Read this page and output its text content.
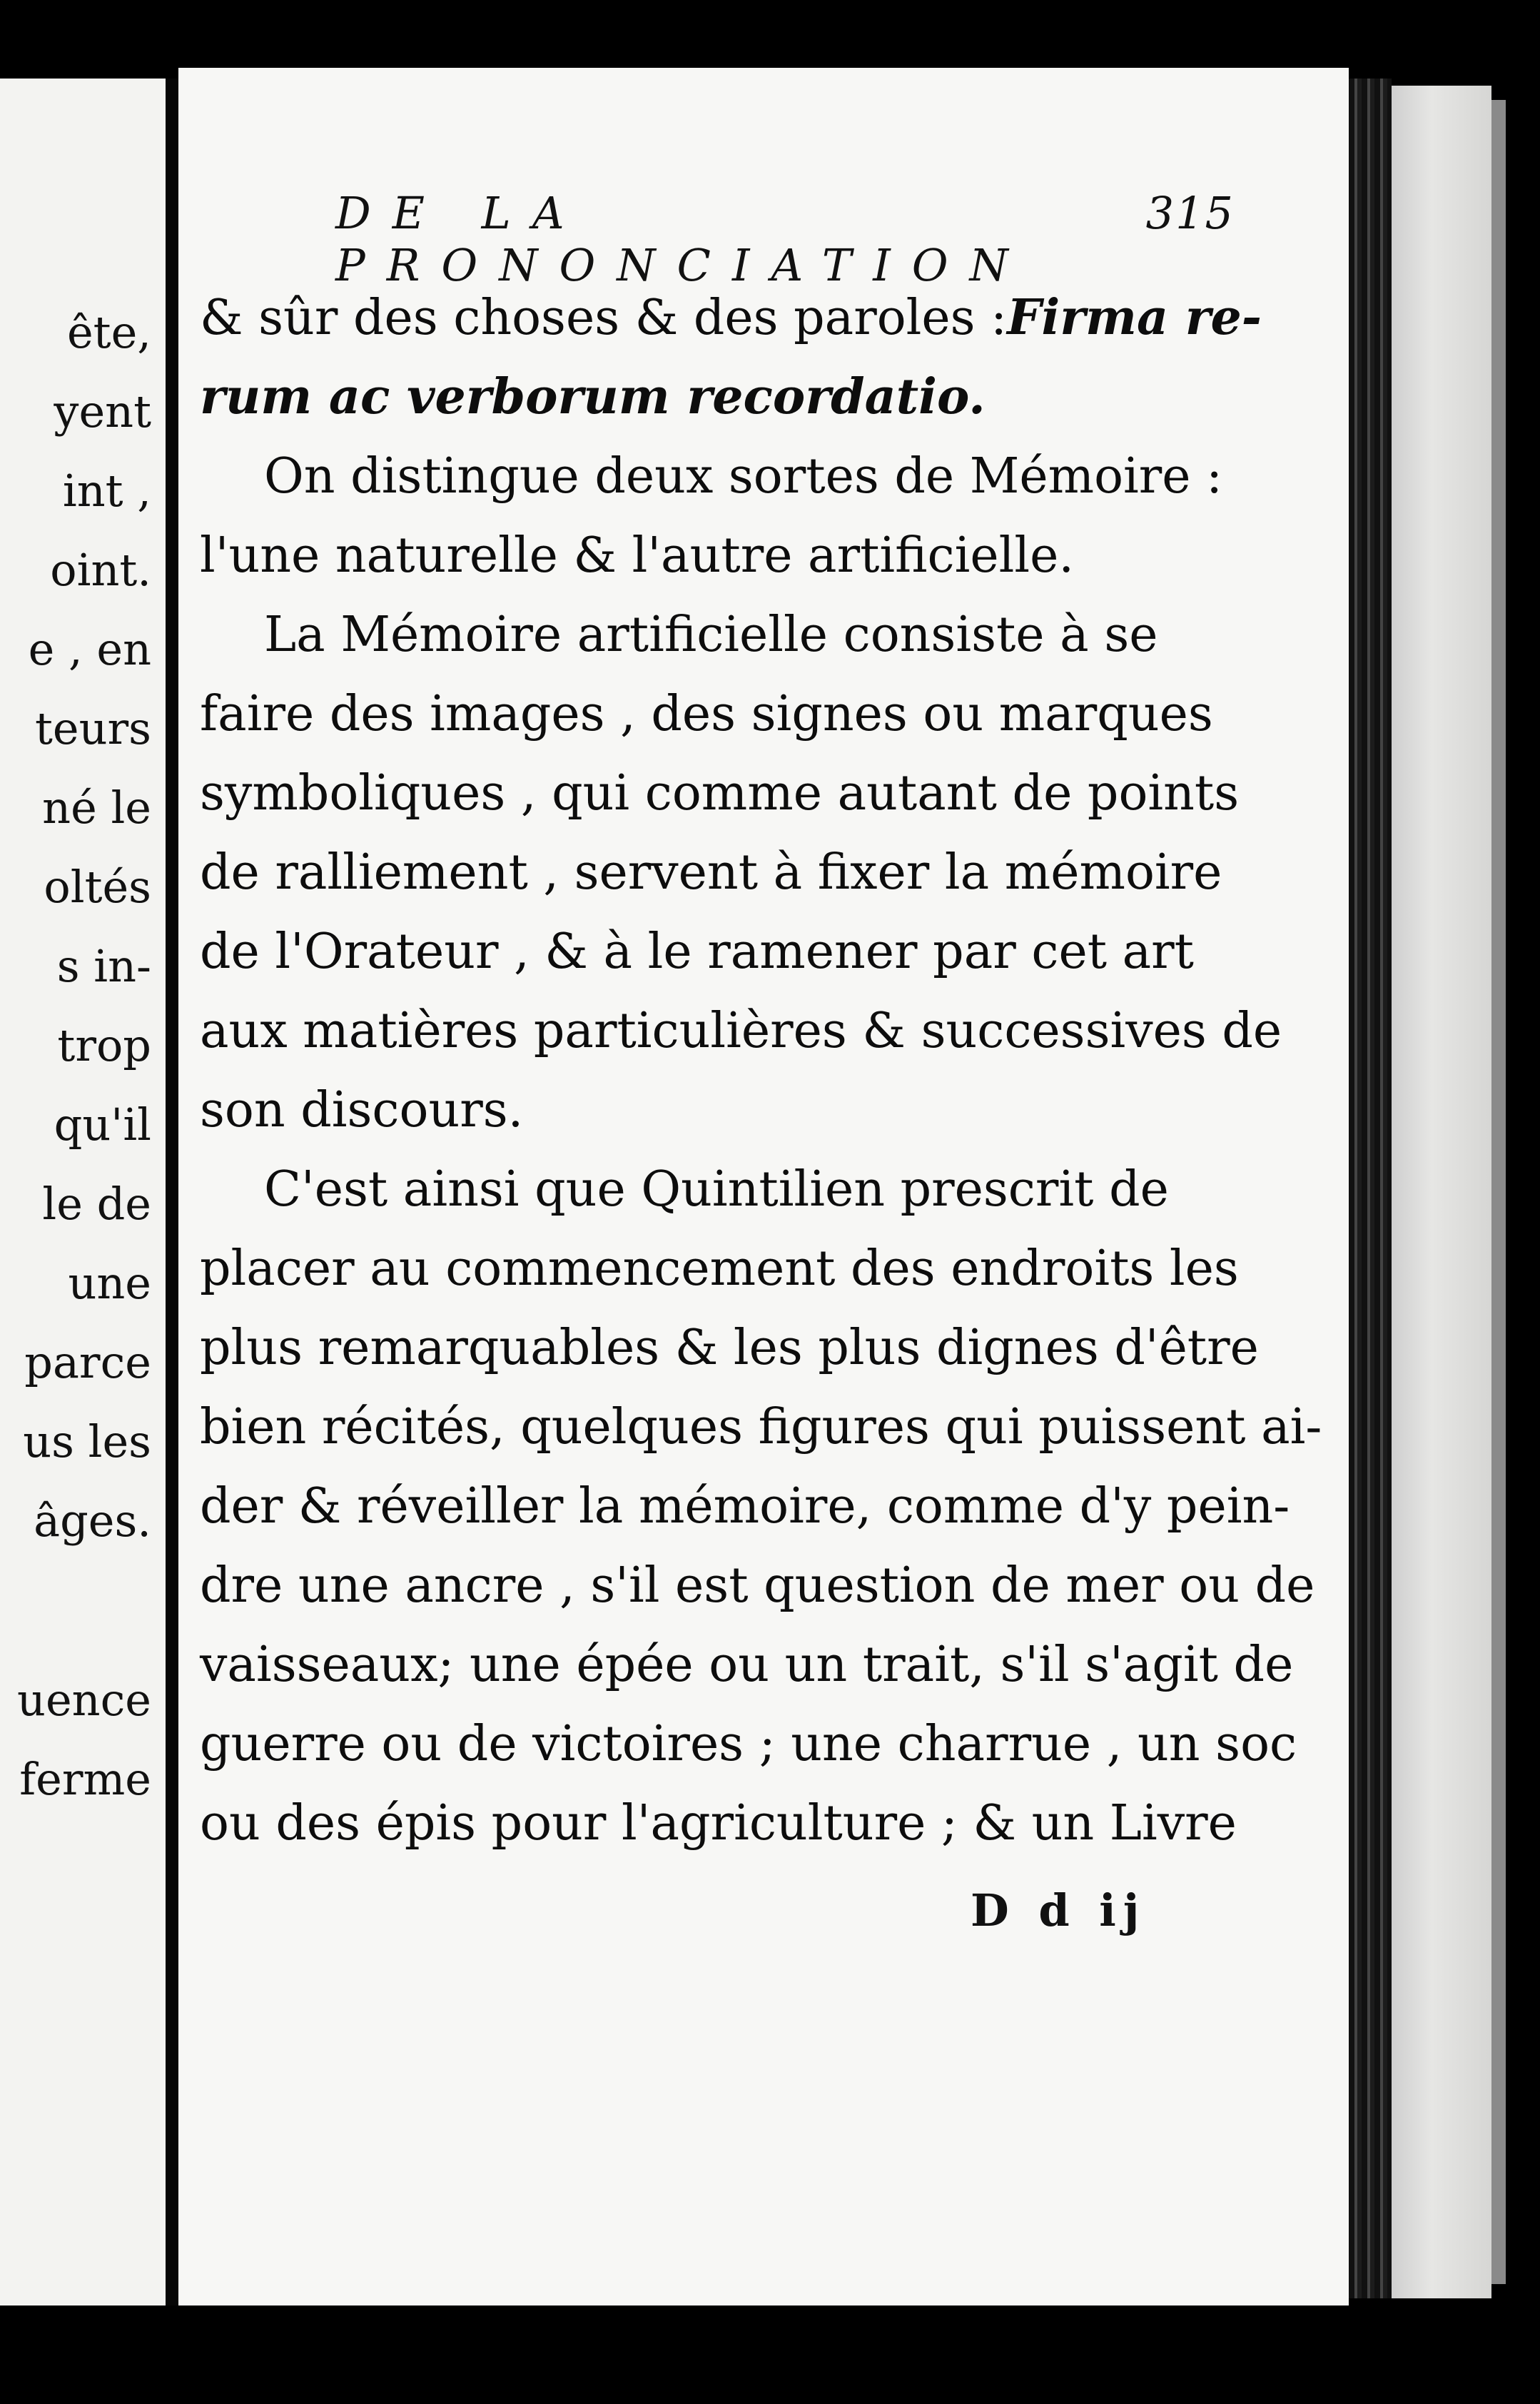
ête,
yent
int ,
oint.
e , en
teurs
né le
oltés
s in-
trop
qu'il
le de
une
parce
us les
âges.
uence
ferme
DE LA PRONONCIATION
315
& sûr des choses & des paroles : Firma re-
rum ac verborum recordatio.
On distingue deux sortes de Mémoire :
l'une naturelle & l'autre artificielle.
La Mémoire artificielle consiste à se
faire des images , des signes ou marques
symboliques , qui comme autant de points
de ralliement , servent à fixer la mémoire
de l'Orateur , & à le ramener par cet art
aux matières particulières & successives de
son discours.
C'est ainsi que Quintilien prescrit de
placer au commencement des endroits les
plus remarquables & les plus dignes d'être
bien récités, quelques figures qui puissent ai-
der & réveiller la mémoire, comme d'y pein-
dre une ancre , s'il est question de mer ou de
vaisseaux; une épée ou un trait, s'il s'agit de
guerre ou de victoires ; une charrue , un soc
ou des épis pour l'agriculture ; & un Livre
D d ij
